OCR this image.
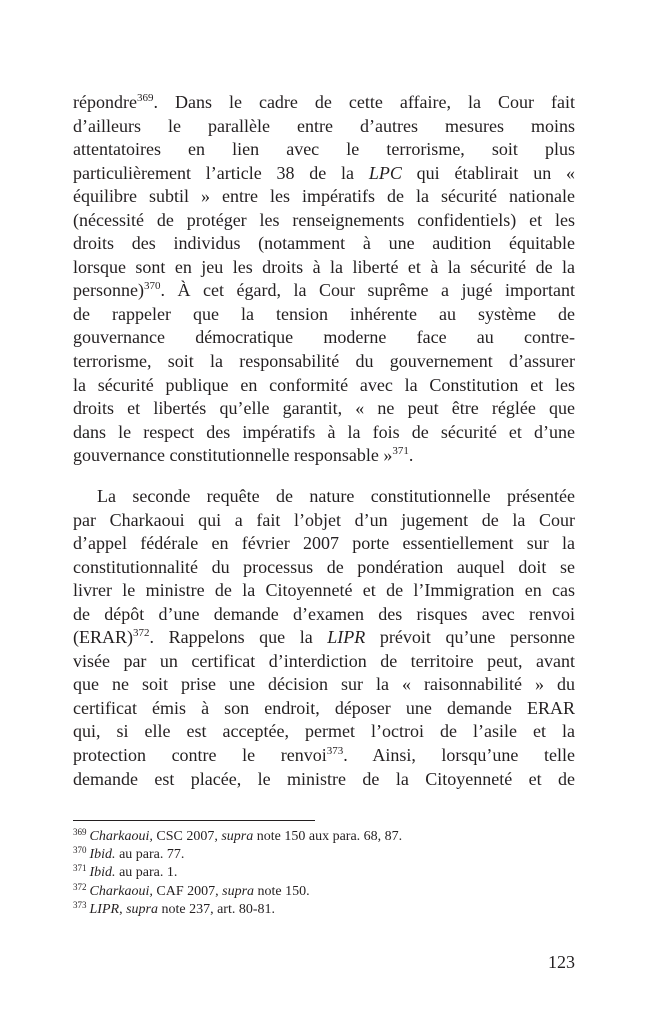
répondre$^{369}$. Dans le cadre de cette affaire, la Cour fait
d’ailleurs le parallèle entre d’autres mesures moins
attentatoires en lien avec le terrorisme, soit plus
particulièrement l’article 38 de la LPC qui établirait un «
équilibre subtil » entre les impératifs de la sécurité nationale
(nécessité de protéger les renseignements confidentiels) et les
droits des individus (notamment à une audition équitable
lorsque sont en jeu les droits à la liberté et à la sécurité de la
personne)$^{370}$. À cet égard, la Cour suprême a jugé important
de rappeler que la tension inhérente au système de
gouvernance démocratique moderne face au contre-
terrorisme, soit la responsabilité du gouvernement d’assurer
la sécurité publique en conformité avec la Constitution et les
droits et libertés qu’elle garantit, « ne peut être réglée que
dans le respect des impératifs à la fois de sécurité et d’une
gouvernance constitutionnelle responsable »$^{371}$.
La seconde requête de nature constitutionnelle présentée
par Charkaoui qui a fait l’objet d’un jugement de la Cour
d’appel fédérale en février 2007 porte essentiellement sur la
constitutionnalité du processus de pondération auquel doit se
livrer le ministre de la Citoyenneté et de l’Immigration en cas
de dépôt d’une demande d’examen des risques avec renvoi
(ERAR)$^{372}$. Rappelons que la LIPR prévoit qu’une personne
visée par un certificat d’interdiction de territoire peut, avant
que ne soit prise une décision sur la « raisonnabilité » du
certificat émis à son endroit, déposer une demande ERAR
qui, si elle est acceptée, permet l’octroi de l’asile et la
protection contre le renvoi$^{373}$. Ainsi, lorsqu’une telle
demande est placée, le ministre de la Citoyenneté et de
$^{369}$ Charkaoui, CSC 2007, supra note 150 aux para. 68, 87.
$^{370}$ Ibid. au para. 77.
$^{371}$ Ibid. au para. 1.
$^{372}$ Charkaoui, CAF 2007, supra note 150.
$^{373}$ LIPR, supra note 237, art. 80-81.
123
